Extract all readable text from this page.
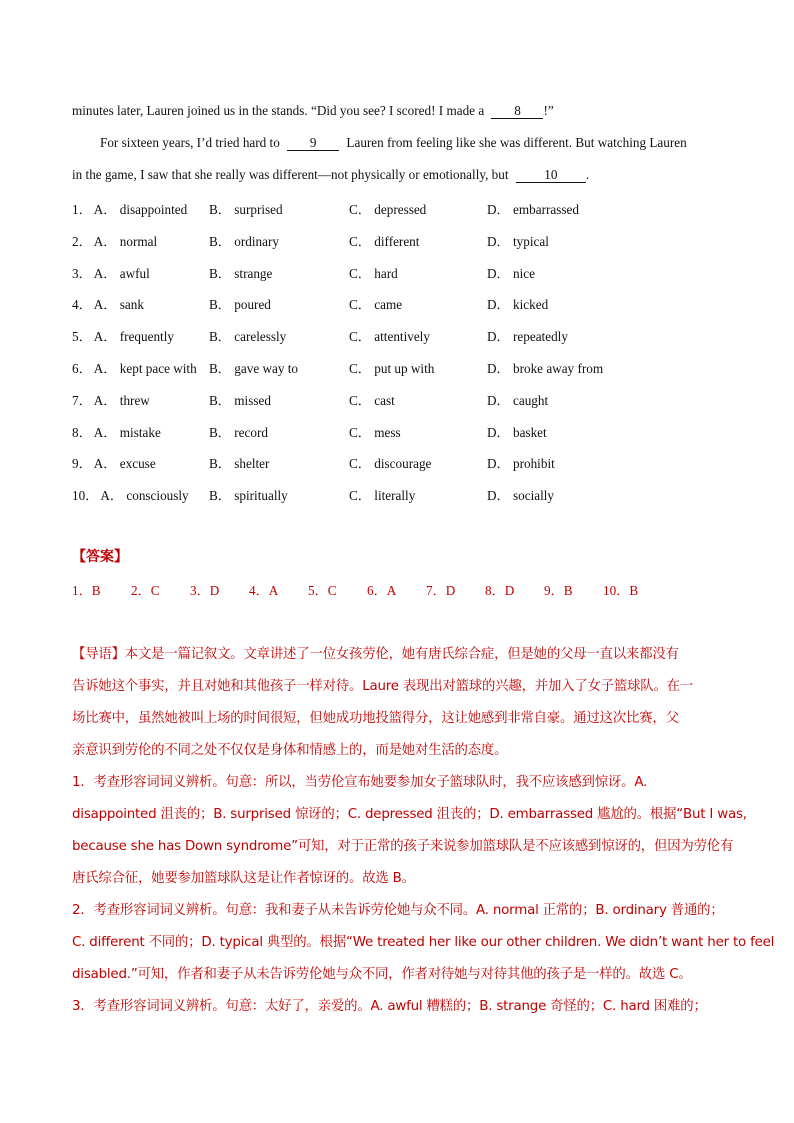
minutes later, Lauren joined us in the stands. “Did you see? I scored! I made a 8 !”
For sixteen years, I’d tried hard to 9 Lauren from feeling like she was different. But watching Lauren
in the game, I saw that she really was different—not physically or emotionally, but	10 .
1． A． disappointed B． surprised	C． depressed	D． embarrassed
2． A． normal	B． ordinary	C． different	D． typical
3． A． awful	B． strange	C． hard	D． nice
4． A． sank	B． poured	C． came	D． kicked
5． A． frequently	B． carelessly	C． attentively	D． repeatedly
6． A． kept pace with B． gave way to	C． put up with	D． broke away from
7． A． threw	B． missed	C． cast	D． caught
8． A． mistake	B． record	C． mess	D． basket
9． A． excuse	B． shelter	C． discourage	D． prohibit
10． A． consciously B． spiritually	C． literally	D． socially
【答案】
1．B 2．C 3．D 4．A 5．C 6．A 7．D 8．D 9．B 10．B
【导语】本文是一篇记叙文。文章讲述了一位女孩劳伦，她有唐氏综合症，但是她的父母一直以来都没有
告诉她这个事实，并且对她和其他孩子一样对待。Laure 表现出对篮球的兴趣，并加入了女子篮球队。在一
场比赛中，虽然她被叫上场的时间很短，但她成功地投篮得分，这让她感到非常自豪。通过这次比赛，父
亲意识到劳伦的不同之处不仅仅是身体和情感上的，而是她对生活的态度。
1．考查形容词词义辨析。句意：所以，当劳伦宣布她要参加女子篮球队时，我不应该感到惊讶。A.
disappointed 沮丧的；B. surprised 惊讶的；C. depressed 沮丧的；D. embarrassed 尴尬的。根据“But I was,
because she has Down syndrome”可知，对于正常的孩子来说参加篮球队是不应该感到惊讶的，但因为劳伦有
唐氏综合征，她要参加篮球队这是让作者惊讶的。故选 B。
2．考查形容词词义辨析。句意：我和妻子从未告诉劳伦她与众不同。A. normal 正常的；B. ordinary 普通的；
C. different 不同的；D. typical 典型的。根据“We treated her like our other children. We didn’t want her to feel
disabled.”可知，作者和妻子从未告诉劳伦她与众不同，作者对待她与对待其他的孩子是一样的。故选 C。
3．考查形容词词义辨析。句意：太好了，亲爱的。A. awful 糟糕的；B. strange 奇怪的；C. hard 困难的；
